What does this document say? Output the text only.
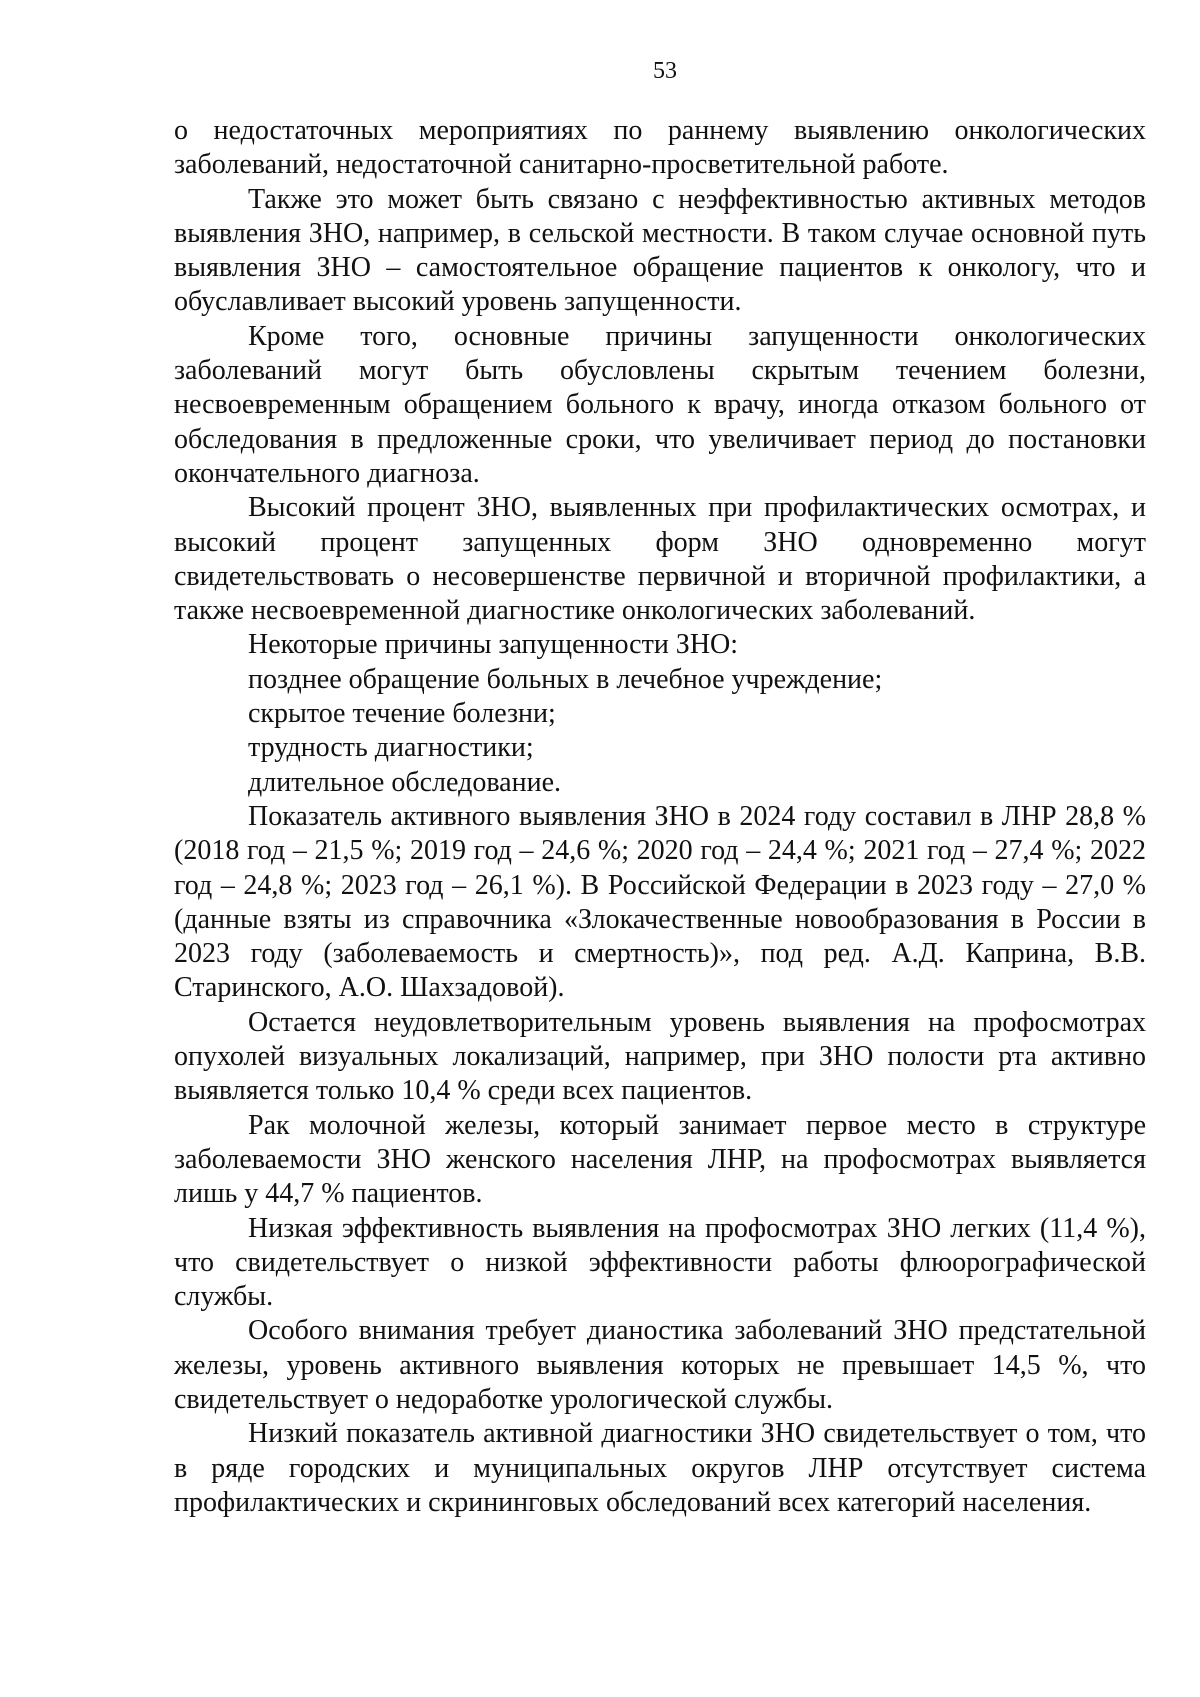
53

о недостаточных мероприятиях по раннему выявлению онкологических заболеваний, недостаточной санитарно-просветительной работе.

Также это может быть связано с неэффективностью активных методов выявления ЗНО, например, в сельской местности. В таком случае основной путь выявления ЗНО – самостоятельное обращение пациентов к онкологу, что и обуславливает высокий уровень запущенности.

Кроме того, основные причины запущенности онкологических заболеваний могут быть обусловлены скрытым течением болезни, несвоевременным обращением больного к врачу, иногда отказом больного от обследования в предложенные сроки, что увеличивает период до постановки окончательного диагноза.

Высокий процент ЗНО, выявленных при профилактических осмотрах, и высокий процент запущенных форм ЗНО одновременно могут свидетельствовать о несовершенстве первичной и вторичной профилактики, а также несвоевременной диагностике онкологических заболеваний.

Некоторые причины запущенности ЗНО:

позднее обращение больных в лечебное учреждение;

скрытое течение болезни;

трудность диагностики;

длительное обследование.

Показатель активного выявления ЗНО в 2024 году составил в ЛНР 28,8 % (2018 год – 21,5 %; 2019 год – 24,6 %; 2020 год – 24,4 %; 2021 год – 27,4 %; 2022 год – 24,8 %; 2023 год – 26,1 %). В Российской Федерации в 2023 году – 27,0 % (данные взяты из справочника «Злокачественные новообразования в России в 2023 году (заболеваемость и смертность)», под ред. А.Д. Каприна, В.В. Старинского, А.О. Шахзадовой).

Остается неудовлетворительным уровень выявления на профосмотрах опухолей визуальных локализаций, например, при ЗНО полости рта активно выявляется только 10,4 % среди всех пациентов.

Рак молочной железы, который занимает первое место в структуре заболеваемости ЗНО женского населения ЛНР, на профосмотрах выявляется лишь у 44,7 % пациентов.

Низкая эффективность выявления на профосмотрах ЗНО легких (11,4 %), что свидетельствует о низкой эффективности работы флюорографической службы.

Особого внимания требует дианостика заболеваний ЗНО предстательной железы, уровень активного выявления которых не превышает 14,5 %, что свидетельствует о недоработке урологической службы.

Низкий показатель активной диагностики ЗНО свидетельствует о том, что в ряде городских и муниципальных округов ЛНР отсутствует система профилактических и скрининговых обследований всех категорий населения.
